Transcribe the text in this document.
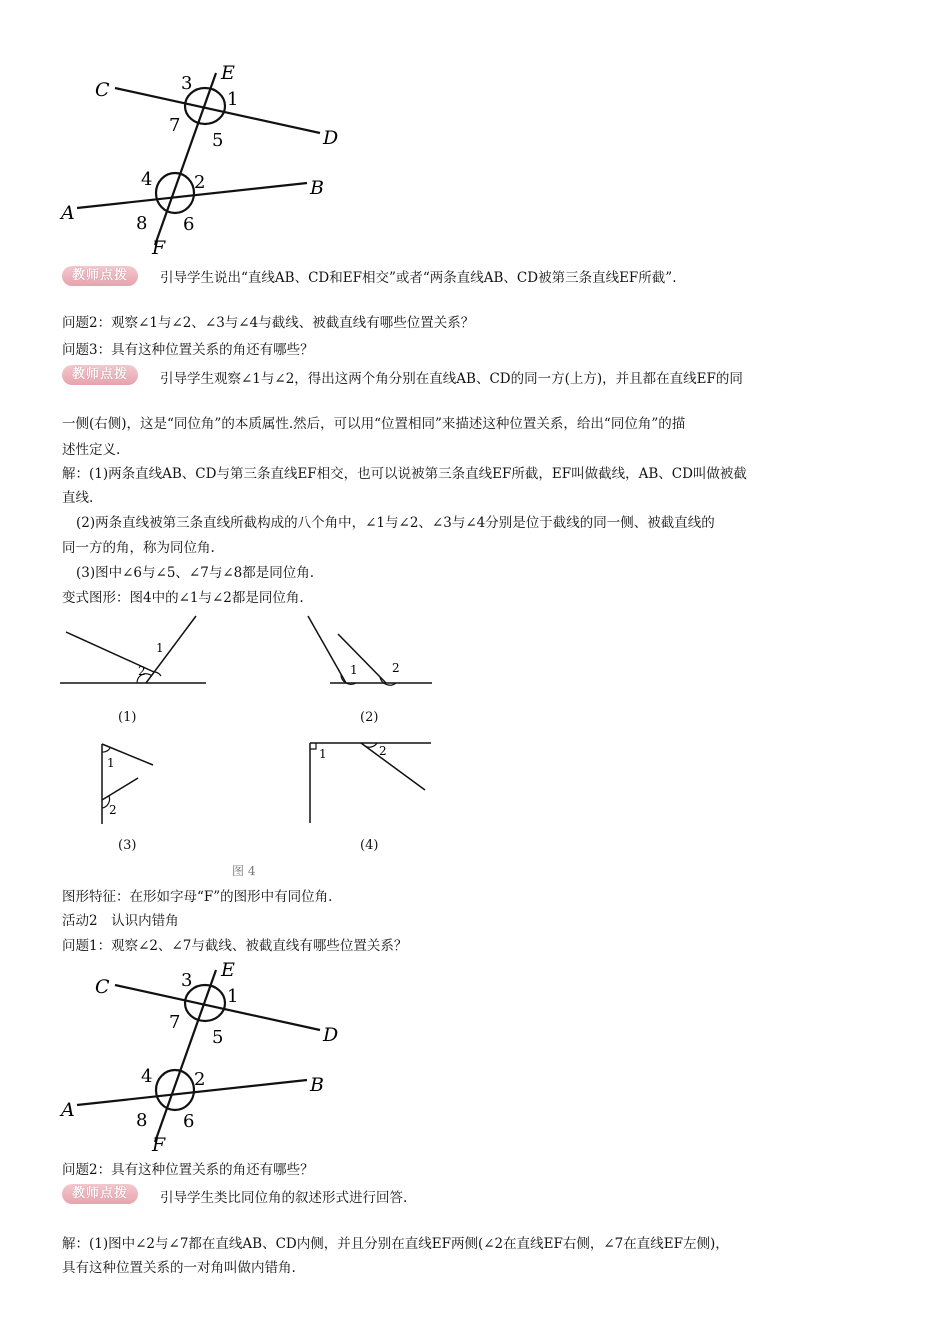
C
D
E
A
B
F
3
1
7
5
4 2
8 6
教师点拨	引导学生说出“直线AB、CD和EF相交”或者“两条直线AB、CD被第三条直线EF所截”.
问题2：观察∠1与∠2、∠3与∠4与截线、被截直线有哪些位置关系？
问题3：具有这种位置关系的角还有哪些？
教师点拨	引导学生观察∠1与∠2，得出这两个角分别在直线AB、CD的同一方(上方)，并且都在直线EF的同
一侧(右侧)，这是“同位角”的本质属性.然后，可以用“位置相同”来描述这种位置关系，给出“同位角”的描
述性定义.
解：(1)两条直线AB、CD与第三条直线EF相交，也可以说被第三条直线EF所截，EF叫做截线，AB、CD叫做被截
直线.
(2)两条直线被第三条直线所截构成的八个角中，∠1与∠2、∠3与∠4分别是位于截线的同一侧、被截直线的
同一方的角，称为同位角.
(3)图中∠6与∠5、∠7与∠8都是同位角.
变式图形：图4中的∠1与∠2都是同位角.
1
2
(1)
1	2
(2)
1
2
(3)
1	2
(4)
图 4
图形特征：在形如字母“F”的图形中有同位角.
活动2　认识内错角
问题1：观察∠2、∠7与截线、被截直线有哪些位置关系？
C
D
E
A
B
F
3
1
7
5
4 2
8 6
问题2：具有这种位置关系的角还有哪些？
教师点拨	引导学生类比同位角的叙述形式进行回答.
解：(1)图中∠2与∠7都在直线AB、CD内侧，并且分别在直线EF两侧(∠2在直线EF右侧，∠7在直线EF左侧)，
具有这种位置关系的一对角叫做内错角.
